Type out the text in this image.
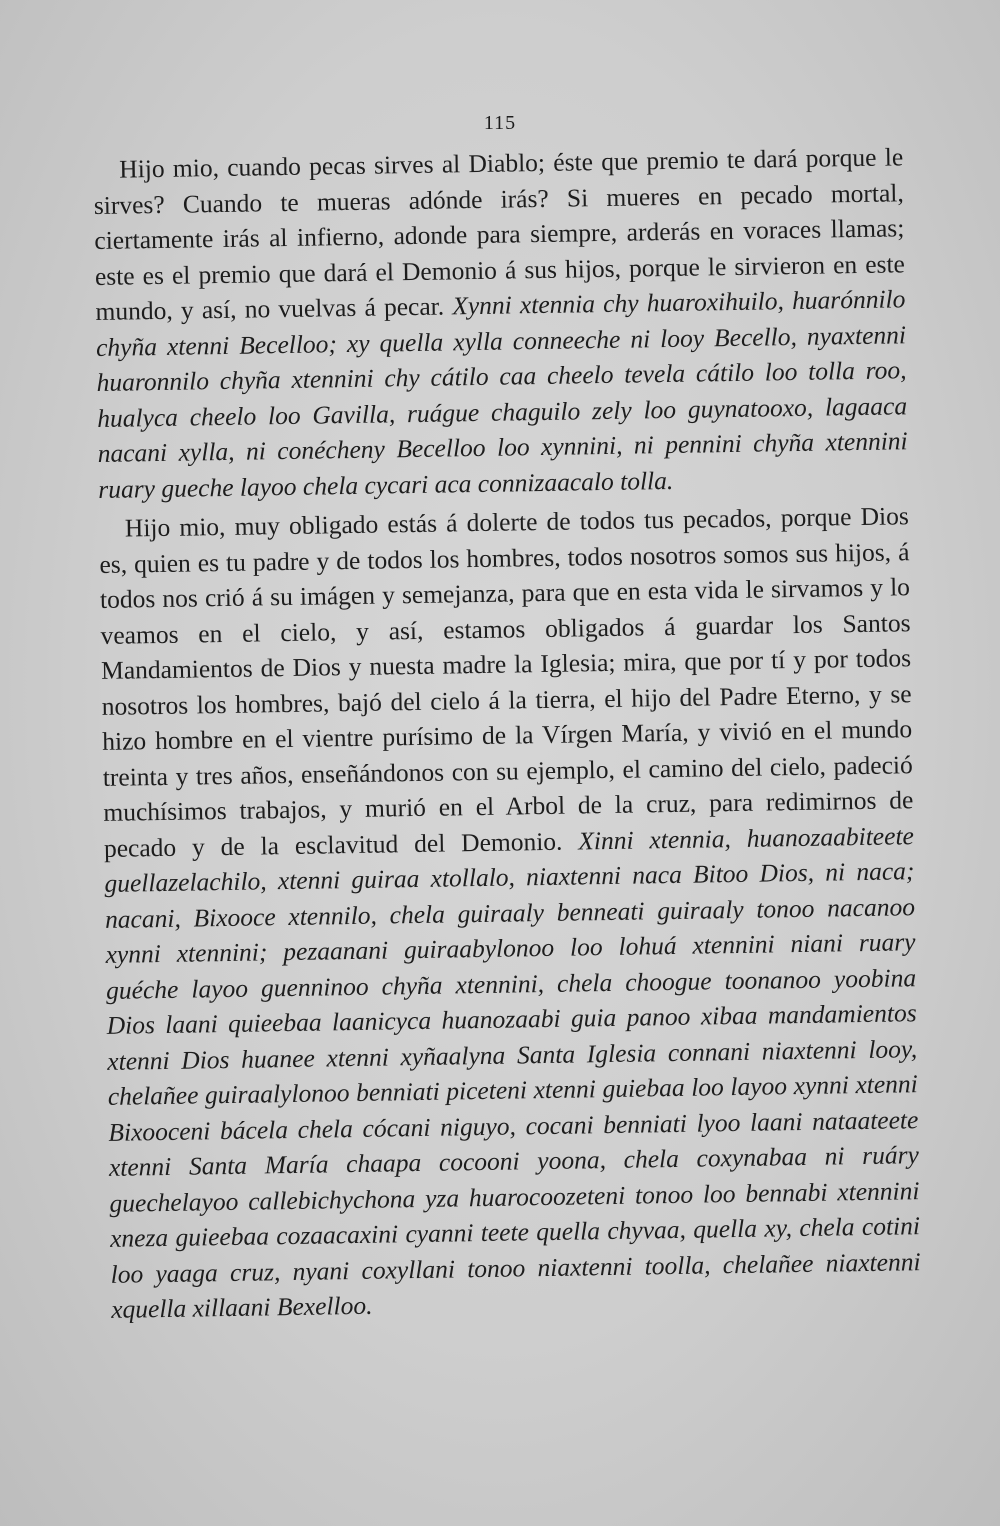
115

Hijo mio, cuando pecas sirves al Diablo; éste que premio te dará porque le sirves? Cuando te mueras adónde irás? Si mueres en pecado mortal, ciertamente irás al infierno, adonde para siempre, arderás en voraces llamas; este es el premio que dará el Demonio á sus hijos, porque le sirvieron en este mundo, y así, no vuelvas á pecar. Xynni xtennia chy huaroxihuilo, huarónnilo chyña xtenni Becelloo; xy quella xylla conneeche ni looy Becello, nyaxtenni huaronnilo chyña xtennini chy cátilo caa cheelo tevela cátilo loo tolla roo, hualyca cheelo loo Gavilla, ruágue chaguilo zely loo guynatooxo, lagaaca nacani xylla, ni conécheny Becelloo loo xynnini, ni pennini chyña xtennini ruary gueche layoo chela cycari aca connizaacalo tolla.

Hijo mio, muy obligado estás á dolerte de todos tus pecados, porque Dios es, quien es tu padre y de todos los hombres, todos nosotros somos sus hijos, á todos nos crió á su imágen y semejanza, para que en esta vida le sirvamos y lo veamos en el cielo, y así, estamos obligados á guardar los Santos Mandamientos de Dios y nuesta madre la Iglesia; mira, que por tí y por todos nosotros los hombres, bajó del cielo á la tierra, el hijo del Padre Eterno, y se hizo hombre en el vientre purísimo de la Vírgen María, y vivió en el mundo treinta y tres años, enseñándonos con su ejemplo, el camino del cielo, padeció muchísimos trabajos, y murió en el Arbol de la cruz, para redimirnos de pecado y de la esclavitud del Demonio. Xinni xtennia, huanozaabiteete guellazelachilo, xtenni guiraa xtollalo, niaxtenni naca Bitoo Dios, ni naca; nacani, Bixooce xtennilo, chela guiraaly benneati guiraaly tonoo nacanoo xynni xtennini; pezaanani guiraabylonoo loo lohuá xtennini niani ruary guéche layoo guenninoo chyña xtennini, chela choogue toonanoo yoobina Dios laani quieebaa laanicyca huanozaabi guia panoo xibaa mandamientos xtenni Dios huanee xtenni xyñaalyna Santa Iglesia connani niaxtenni looy, chelañee guiraalylonoo benniati piceteni xtenni guiebaa loo layoo xynni xtenni Bixooceni bácela chela cócani niguyo, cocani benniati lyoo laani nataateete xtenni Santa María chaapa cocooni yoona, chela coxynabaa ni ruáry guechelayoo callebichychona yza huarocoozeteni tonoo loo bennabi xtennini xneza guieebaa cozaacaxini cyanni teete quella chyvaa, quella xy, chela cotini loo yaaga cruz, nyani coxyllani tonoo niaxtenni toolla, chelañee niaxtenni xquella xillaani Bexelloo.
